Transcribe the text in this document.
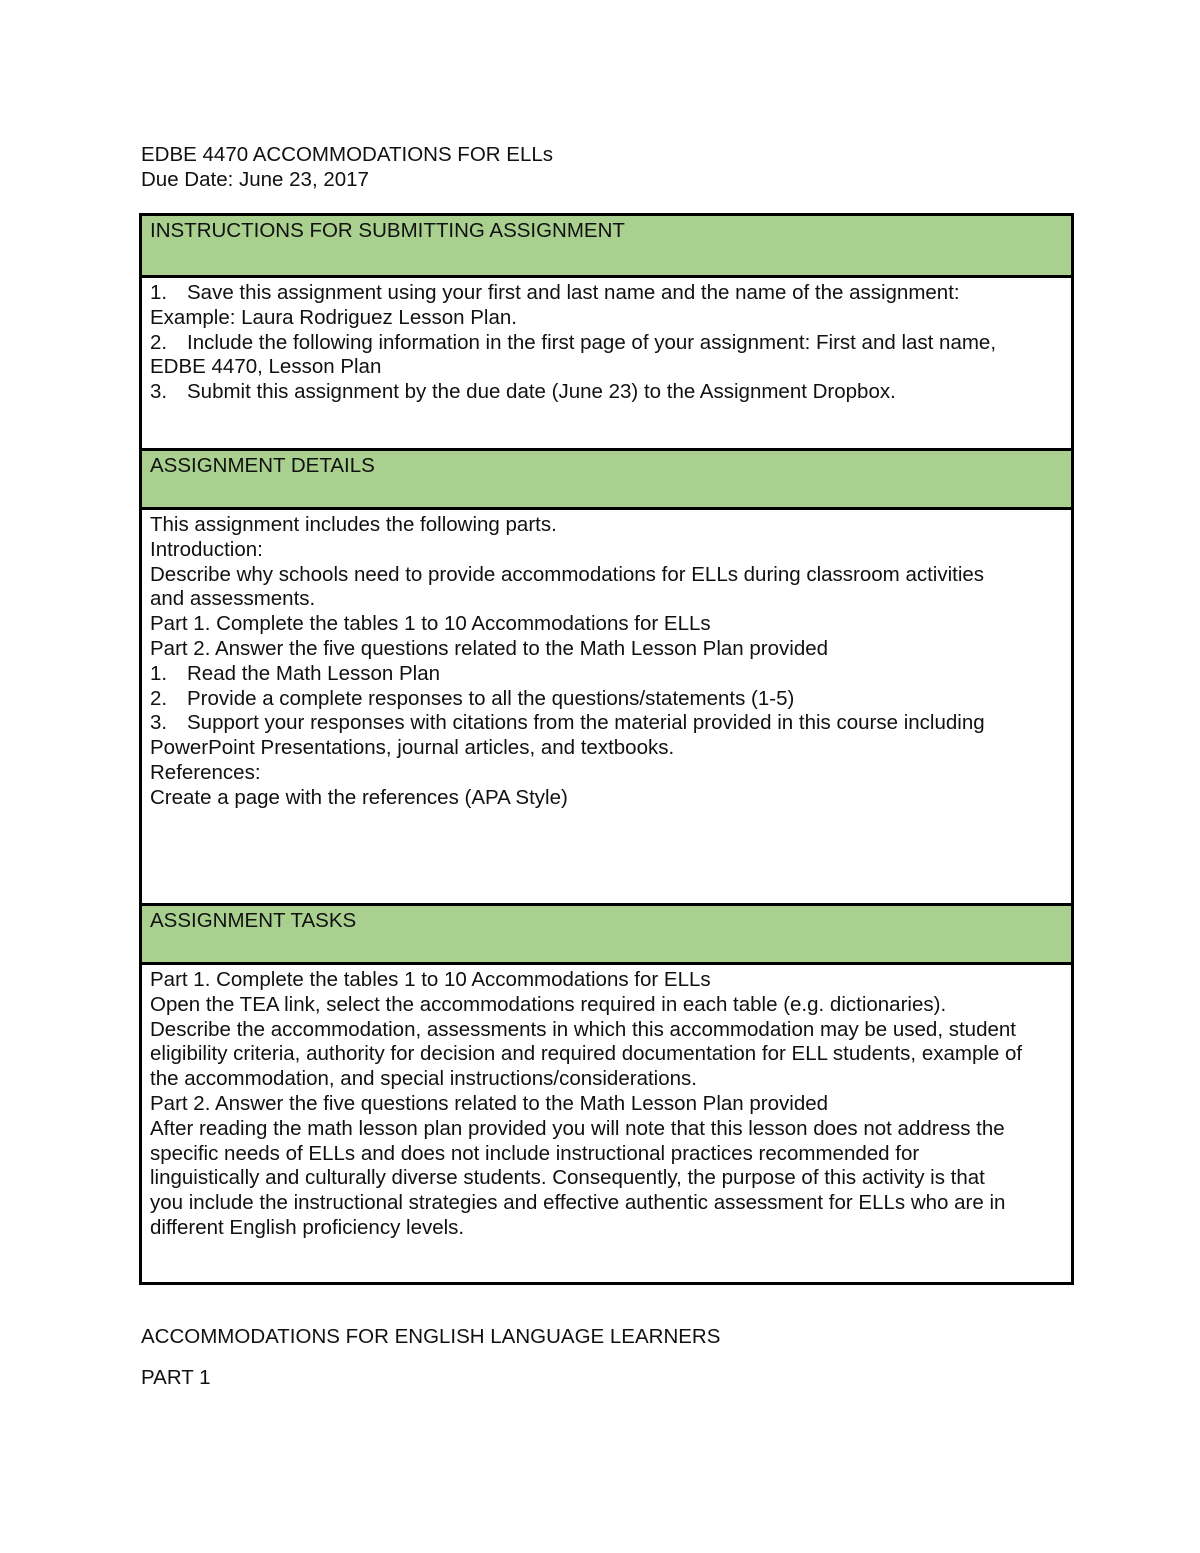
EDBE 4470 ACCOMMODATIONS FOR ELLs
Due Date: June 23, 2017
INSTRUCTIONS FOR SUBMITTING ASSIGNMENT
1. Save this assignment using your first and last name and the name of the assignment:
Example: Laura Rodriguez Lesson Plan.
2. Include the following information in the first page of your assignment: First and last name,
EDBE 4470, Lesson Plan
3. Submit this assignment by the due date (June 23) to the Assignment Dropbox.
ASSIGNMENT DETAILS
This assignment includes the following parts.
Introduction:
Describe why schools need to provide accommodations for ELLs during classroom activities
and assessments.
Part 1. Complete the tables 1 to 10 Accommodations for ELLs
Part 2. Answer the five questions related to the Math Lesson Plan provided
1. Read the Math Lesson Plan
2. Provide a complete responses to all the questions/statements (1-5)
3. Support your responses with citations from the material provided in this course including
PowerPoint Presentations, journal articles, and textbooks.
References:
Create a page with the references (APA Style)
ASSIGNMENT TASKS
Part 1. Complete the tables 1 to 10 Accommodations for ELLs
Open the TEA link, select the accommodations required in each table (e.g. dictionaries).
Describe the accommodation, assessments in which this accommodation may be used, student
eligibility criteria, authority for decision and required documentation for ELL students, example of
the accommodation, and special instructions/considerations.
Part 2. Answer the five questions related to the Math Lesson Plan provided
After reading the math lesson plan provided you will note that this lesson does not address the
specific needs of ELLs and does not include instructional practices recommended for
linguistically and culturally diverse students. Consequently, the purpose of this activity is that
you include the instructional strategies and effective authentic assessment for ELLs who are in
different English proficiency levels.
ACCOMMODATIONS FOR ENGLISH LANGUAGE LEARNERS
PART 1
